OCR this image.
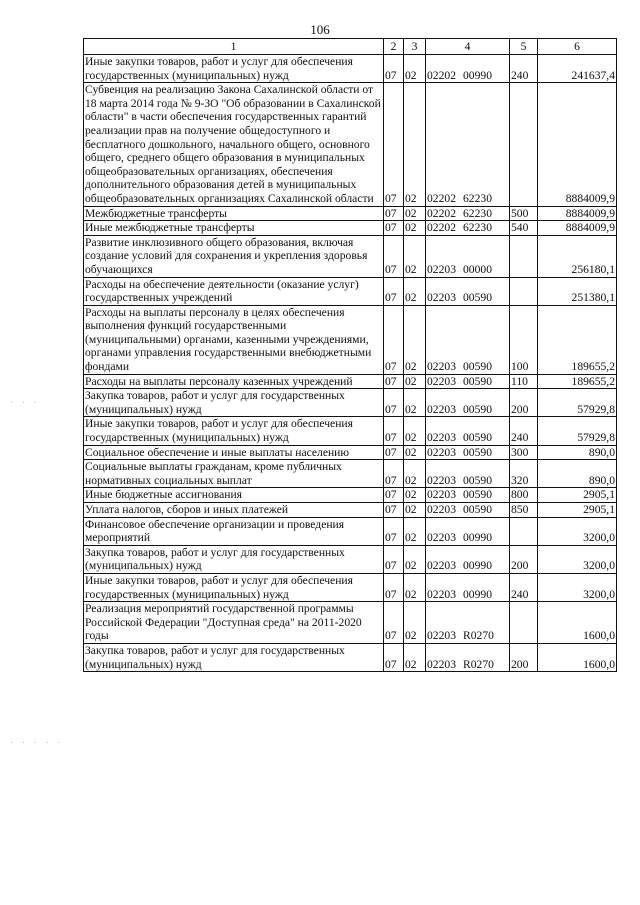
106
· · ·
· · · · ·
1	2	3	4	5	6
Иные закупки товаров, работ и услуг для обеспечения государственных (муниципальных) нужд	07	02	02202 00990	240	241637,4
Субвенция на реализацию Закона Сахалинской области от 18 марта 2014 года № 9-ЗО "Об образовании в Сахалинской области" в части обеспечения государственных гарантий реализации прав на получение общедоступного и бесплатного дошкольного, начального общего, основного общего, среднего общего образования в муниципальных общеобразовательных организациях, обеспечения дополнительного образования детей в муниципальных общеобразовательных организациях Сахалинской области	07	02	02202 62230		8884009,9
Межбюджетные трансферты	07	02	02202 62230	500	8884009,9
Иные межбюджетные трансферты	07	02	02202 62230	540	8884009,9
Развитие инклюзивного общего образования, включая создание условий для сохранения и укрепления здоровья обучающихся	07	02	02203 00000		256180,1
Расходы на обеспечение деятельности (оказание услуг) государственных учреждений	07	02	02203 00590		251380,1
Расходы на выплаты персоналу в целях обеспечения выполнения функций государственными (муниципальными) органами, казенными учреждениями, органами управления государственными внебюджетными фондами	07	02	02203 00590	100	189655,2
Расходы на выплаты персоналу казенных учреждений	07	02	02203 00590	110	189655,2
Закупка товаров, работ и услуг для государственных (муниципальных) нужд	07	02	02203 00590	200	57929,8
Иные закупки товаров, работ и услуг для обеспечения государственных (муниципальных) нужд	07	02	02203 00590	240	57929,8
Социальное обеспечение и иные выплаты населению	07	02	02203 00590	300	890,0
Социальные выплаты гражданам, кроме публичных нормативных социальных выплат	07	02	02203 00590	320	890,0
Иные бюджетные ассигнования	07	02	02203 00590	800	2905,1
Уплата налогов, сборов и иных платежей	07	02	02203 00590	850	2905,1
Финансовое обеспечение организации и проведения мероприятий	07	02	02203 00990		3200,0
Закупка товаров, работ и услуг для государственных (муниципальных) нужд	07	02	02203 00990	200	3200,0
Иные закупки товаров, работ и услуг для обеспечения государственных (муниципальных) нужд	07	02	02203 00990	240	3200,0
Реализация мероприятий государственной программы Российской Федерации "Доступная среда" на 2011-2020 годы	07	02	02203 R0270		1600,0
Закупка товаров, работ и услуг для государственных (муниципальных) нужд	07	02	02203 R0270	200	1600,0
